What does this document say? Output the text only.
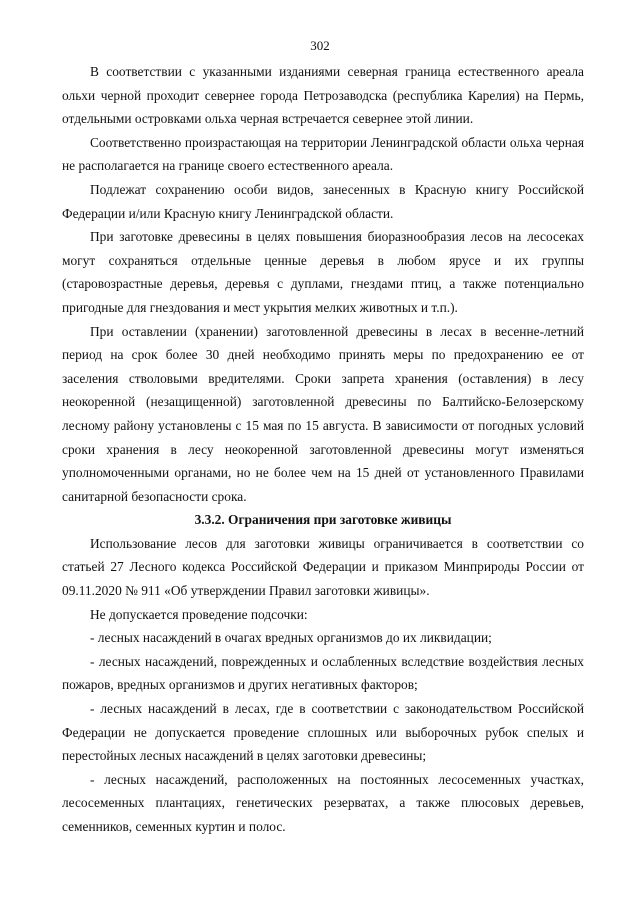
302

В соответствии с указанными изданиями северная граница естественного ареала ольхи черной проходит севернее города Петрозаводска (республика Карелия) на Пермь, отдельными островками ольха черная встречается севернее этой линии.

Соответственно произрастающая на территории Ленинградской области ольха черная не располагается на границе своего естественного ареала.

Подлежат сохранению особи видов, занесенных в Красную книгу Российской Федерации и/или Красную книгу Ленинградской области.

При заготовке древесины в целях повышения биоразнообразия лесов на лесосеках могут сохраняться отдельные ценные деревья в любом ярусе и их группы (старовозрастные деревья, деревья с дуплами, гнездами птиц, а также потенциально пригодные для гнездования и мест укрытия мелких животных и т.п.).

При оставлении (хранении) заготовленной древесины в лесах в весенне-летний период на срок более 30 дней необходимо принять меры по предохранению ее от заселения стволовыми вредителями. Сроки запрета хранения (оставления) в лесу неокоренной (незащищенной) заготовленной древесины по Балтийско-Белозерскому лесному району установлены с 15 мая по 15 августа. В зависимости от погодных условий сроки хранения в лесу неокоренной заготовленной древесины могут изменяться уполномоченными органами, но не более чем на 15 дней от установленного Правилами санитарной безопасности срока.

3.3.2. Ограничения при заготовке живицы

Использование лесов для заготовки живицы ограничивается в соответствии со статьей 27 Лесного кодекса Российской Федерации и приказом Минприроды России от 09.11.2020 № 911 «Об утверждении Правил заготовки живицы».

Не допускается проведение подсочки:

- лесных насаждений в очагах вредных организмов до их ликвидации;

- лесных насаждений, поврежденных и ослабленных вследствие воздействия лесных пожаров, вредных организмов и других негативных факторов;

- лесных насаждений в лесах, где в соответствии с законодательством Российской Федерации не допускается проведение сплошных или выборочных рубок спелых и перестойных лесных насаждений в целях заготовки древесины;

- лесных насаждений, расположенных на постоянных лесосеменных участках, лесосеменных плантациях, генетических резерватах, а также плюсовых деревьев, семенников, семенных куртин и полос.
